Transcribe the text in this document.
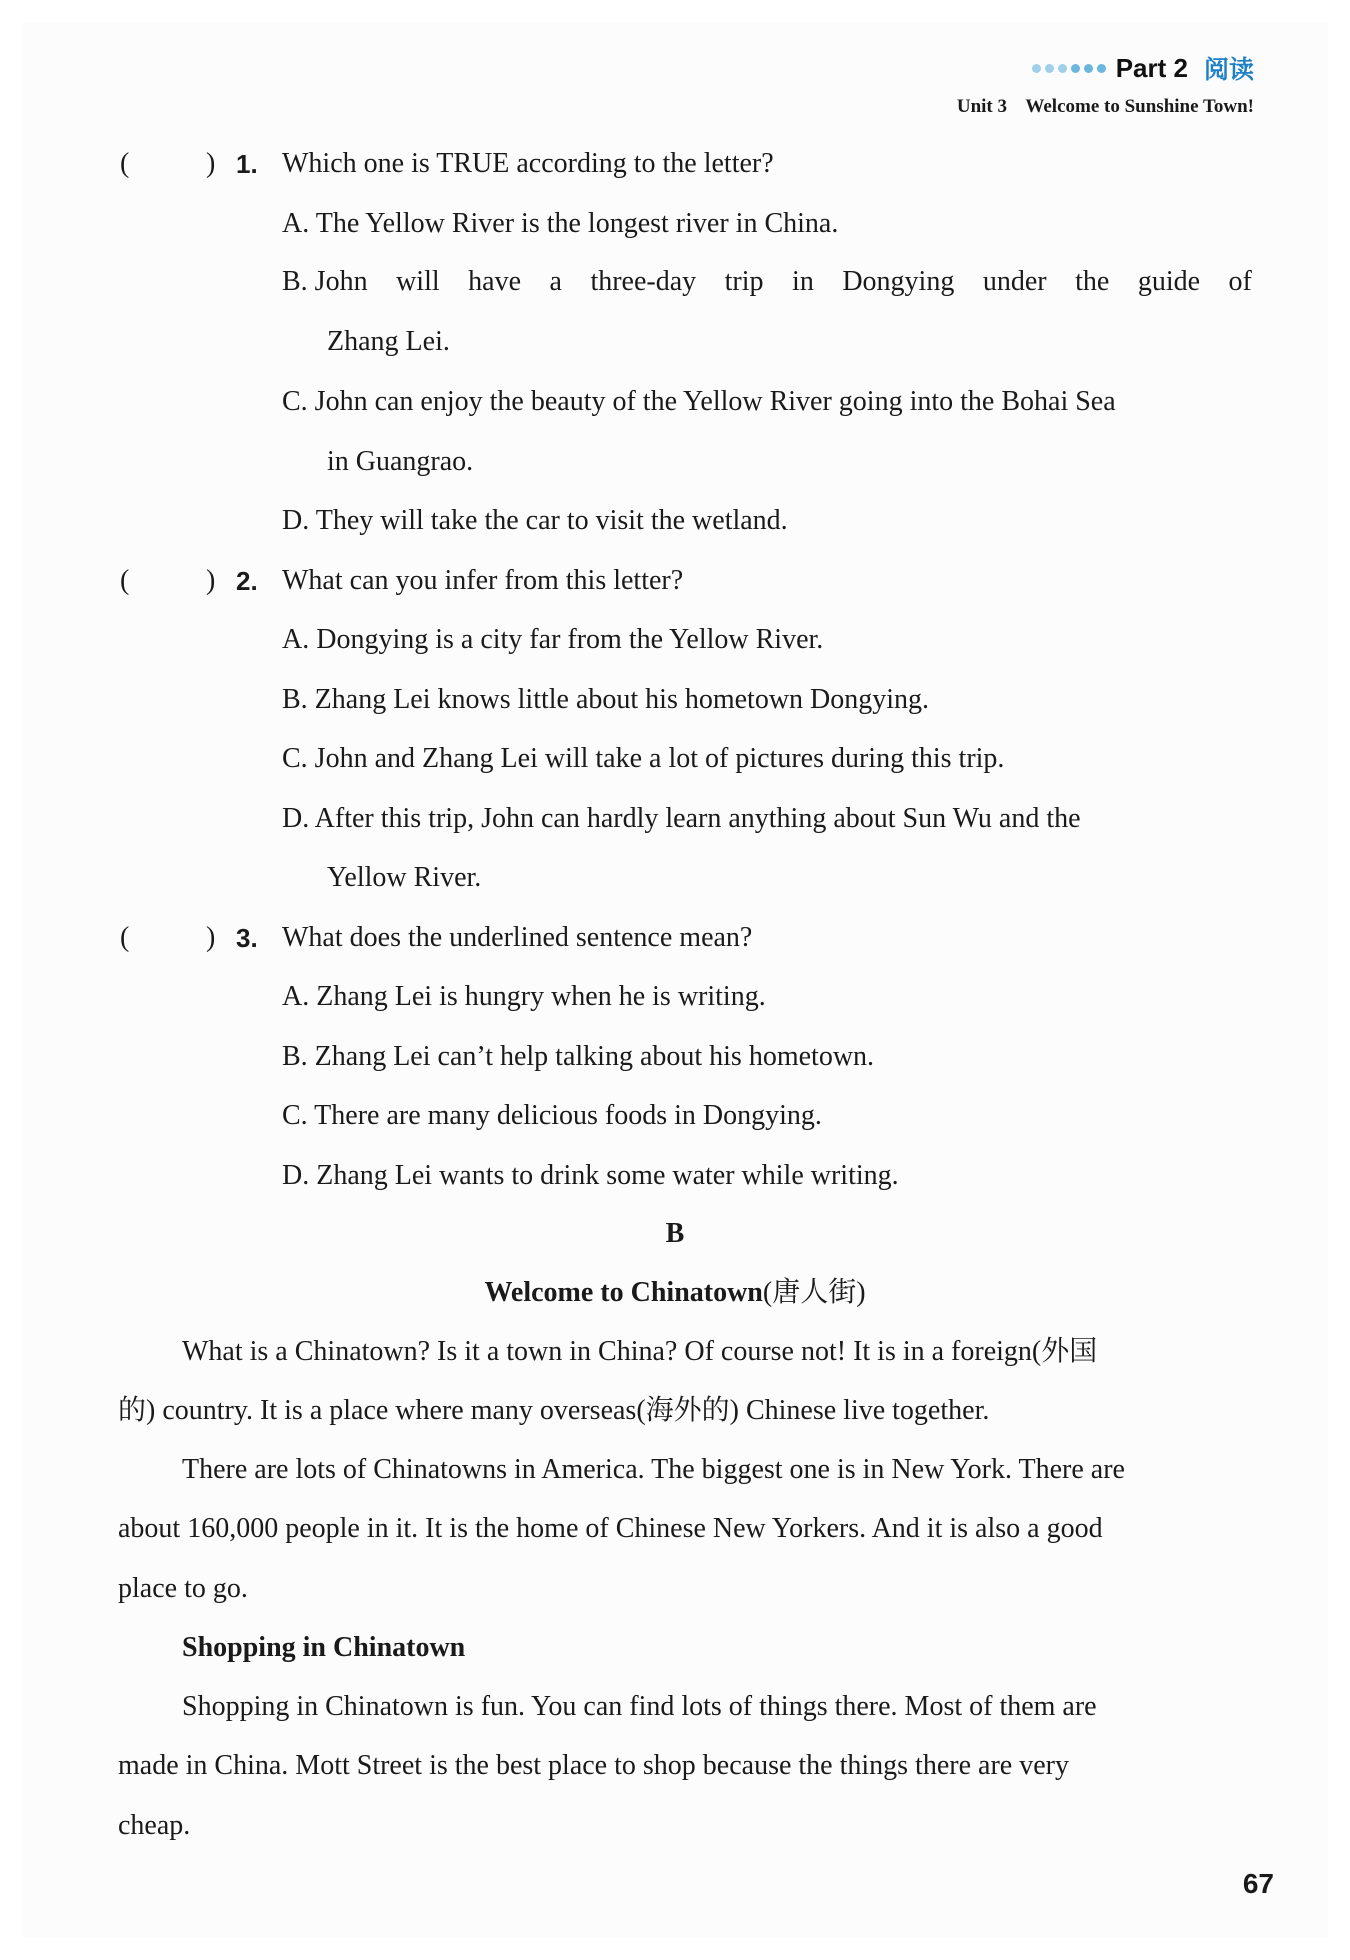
Part 2 阅读
Unit 3 Welcome to Sunshine Town!
(	) 1. Which one is TRUE according to the letter?
A. The Yellow River is the longest river in China.
B. John will have a three-day trip in Dongying under the guide of
Zhang Lei.
C. John can enjoy the beauty of the Yellow River going into the Bohai Sea
in Guangrao.
D. They will take the car to visit the wetland.
(	) 2. What can you infer from this letter?
A. Dongying is a city far from the Yellow River.
B. Zhang Lei knows little about his hometown Dongying.
C. John and Zhang Lei will take a lot of pictures during this trip.
D. After this trip, John can hardly learn anything about Sun Wu and the
Yellow River.
(	) 3. What does the underlined sentence mean?
A. Zhang Lei is hungry when he is writing.
B. Zhang Lei can’t help talking about his hometown.
C. There are many delicious foods in Dongying.
D. Zhang Lei wants to drink some water while writing.
B
Welcome to Chinatown(唐人街)
What is a Chinatown? Is it a town in China? Of course not! It is in a foreign(外国
的) country. It is a place where many overseas(海外的) Chinese live together.
There are lots of Chinatowns in America. The biggest one is in New York. There are
about 160,000 people in it. It is the home of Chinese New Yorkers. And it is also a good
place to go.
Shopping in Chinatown
Shopping in Chinatown is fun. You can find lots of things there. Most of them are
made in China. Mott Street is the best place to shop because the things there are very
cheap.
67
